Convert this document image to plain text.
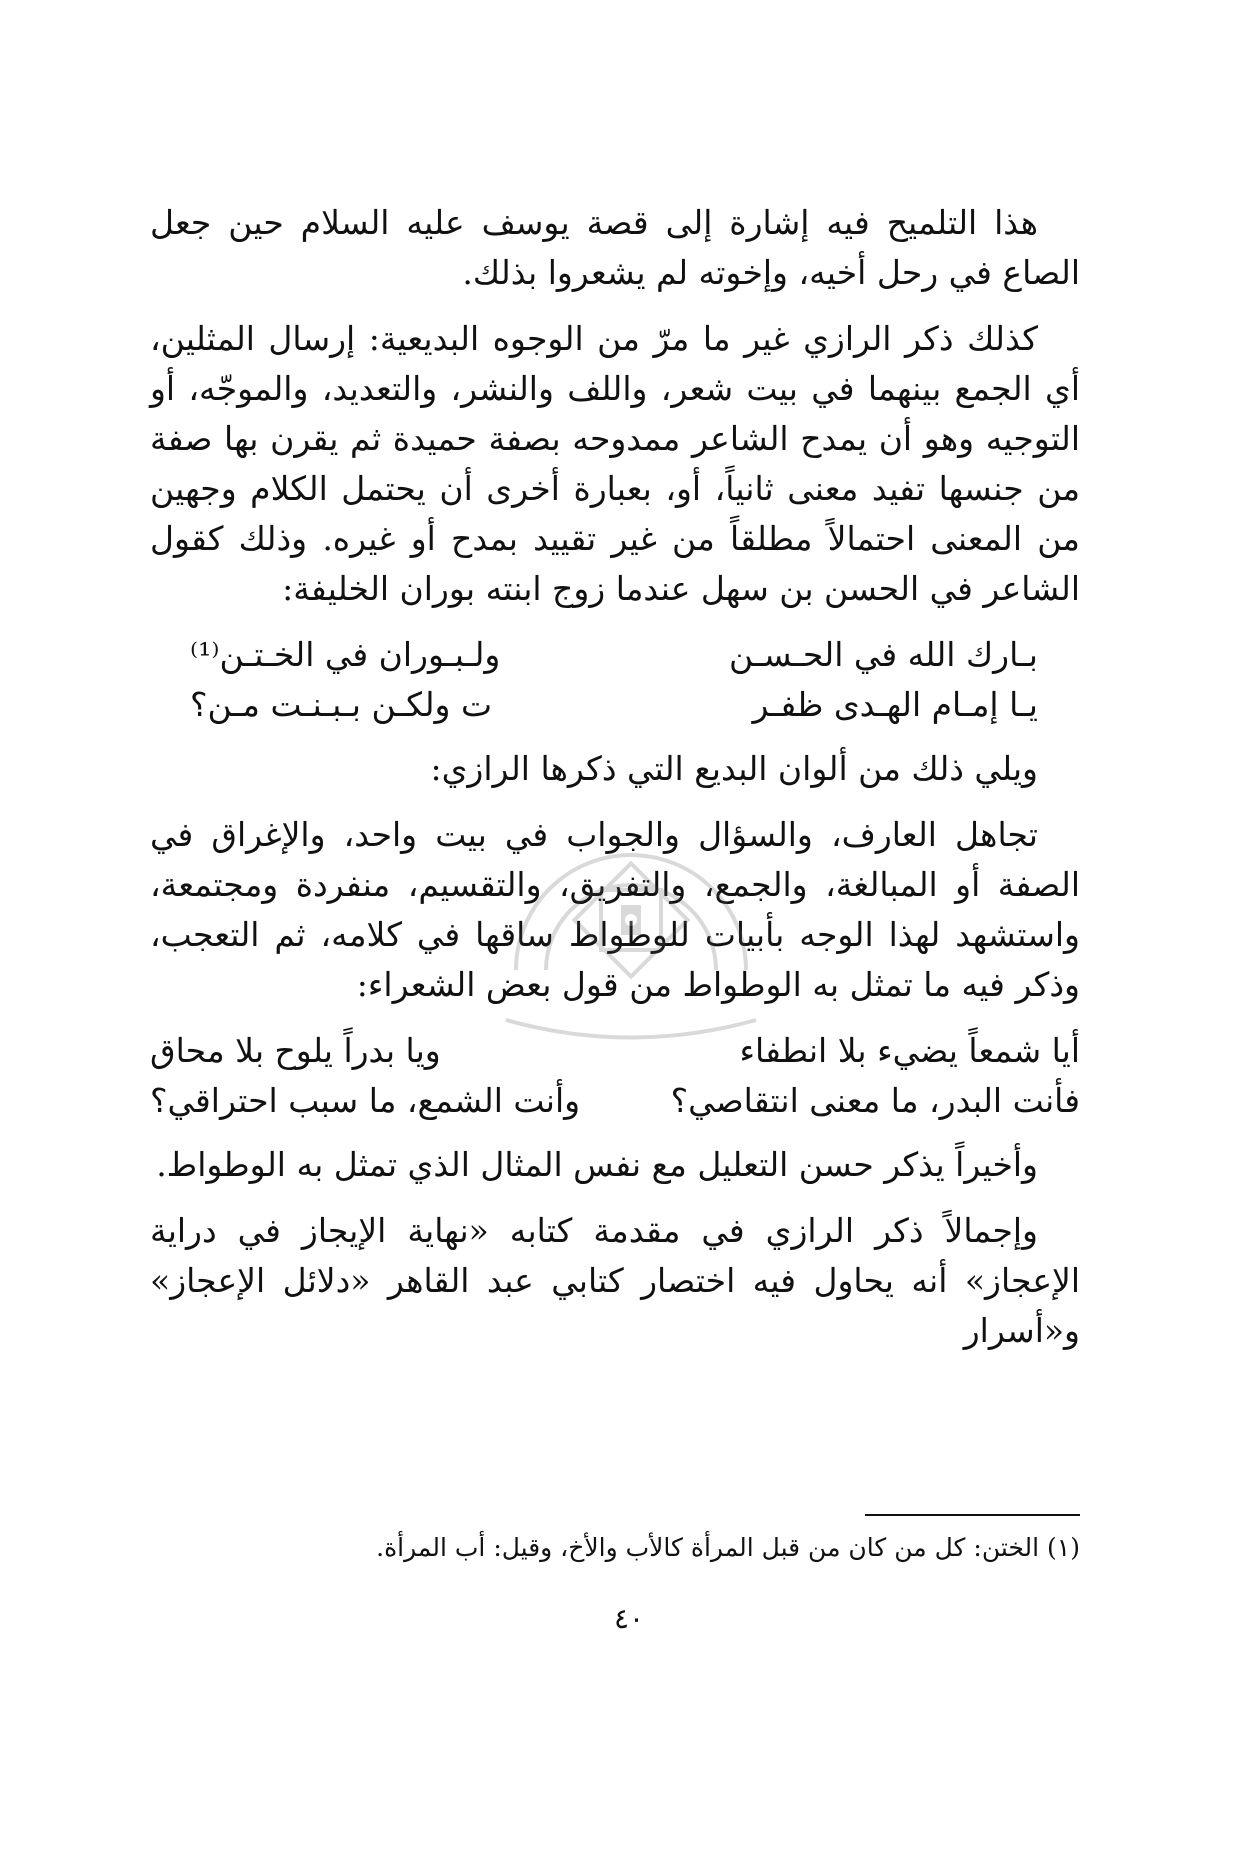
هذا التلميح فيه إشارة إلى قصة يوسف عليه السلام حين جعل الصاع في رحل أخيه، وإخوته لم يشعروا بذلك.

كذلك ذكر الرازي غير ما مرّ من الوجوه البديعية: إرسال المثلين، أي الجمع بينهما في بيت شعر، واللف والنشر، والتعديد، والموجّه، أو التوجيه وهو أن يمدح الشاعر ممدوحه بصفة حميدة ثم يقرن بها صفة من جنسها تفيد معنى ثانياً، أو، بعبارة أخرى أن يحتمل الكلام وجهين من المعنى احتمالاً مطلقاً من غير تقييد بمدح أو غيره. وذلك كقول الشاعر في الحسن بن سهل عندما زوج ابنته بوران الخليفة:

بـارك الله في الحـسـن
ولـبـوران في الخـتـن⁽¹⁾
يـا إمـام الهـدى ظفـر
ت ولكـن بـبـنـت مـن؟

ويلي ذلك من ألوان البديع التي ذكرها الرازي:

تجاهل العارف، والسؤال والجواب في بيت واحد، والإغراق في الصفة أو المبالغة، والجمع، والتفريق، والتقسيم، منفردة ومجتمعة، واستشهد لهذا الوجه بأبيات للوطواط ساقها في كلامه، ثم التعجب، وذكر فيه ما تمثل به الوطواط من قول بعض الشعراء:

أيا شمعاً يضيء بلا انطفاء
ويا بدراً يلوح بلا محاق
فأنت البدر، ما معنى انتقاصي؟
وأنت الشمع، ما سبب احتراقي؟

وأخيراً يذكر حسن التعليل مع نفس المثال الذي تمثل به الوطواط.

وإجمالاً ذكر الرازي في مقدمة كتابه «نهاية الإيجاز في دراية الإعجاز» أنه يحاول فيه اختصار كتابي عبد القاهر «دلائل الإعجاز» و«أسرار

(١) الختن: كل من كان من قبل المرأة كالأب والأخ، وقيل: أب المرأة.
٤٠
